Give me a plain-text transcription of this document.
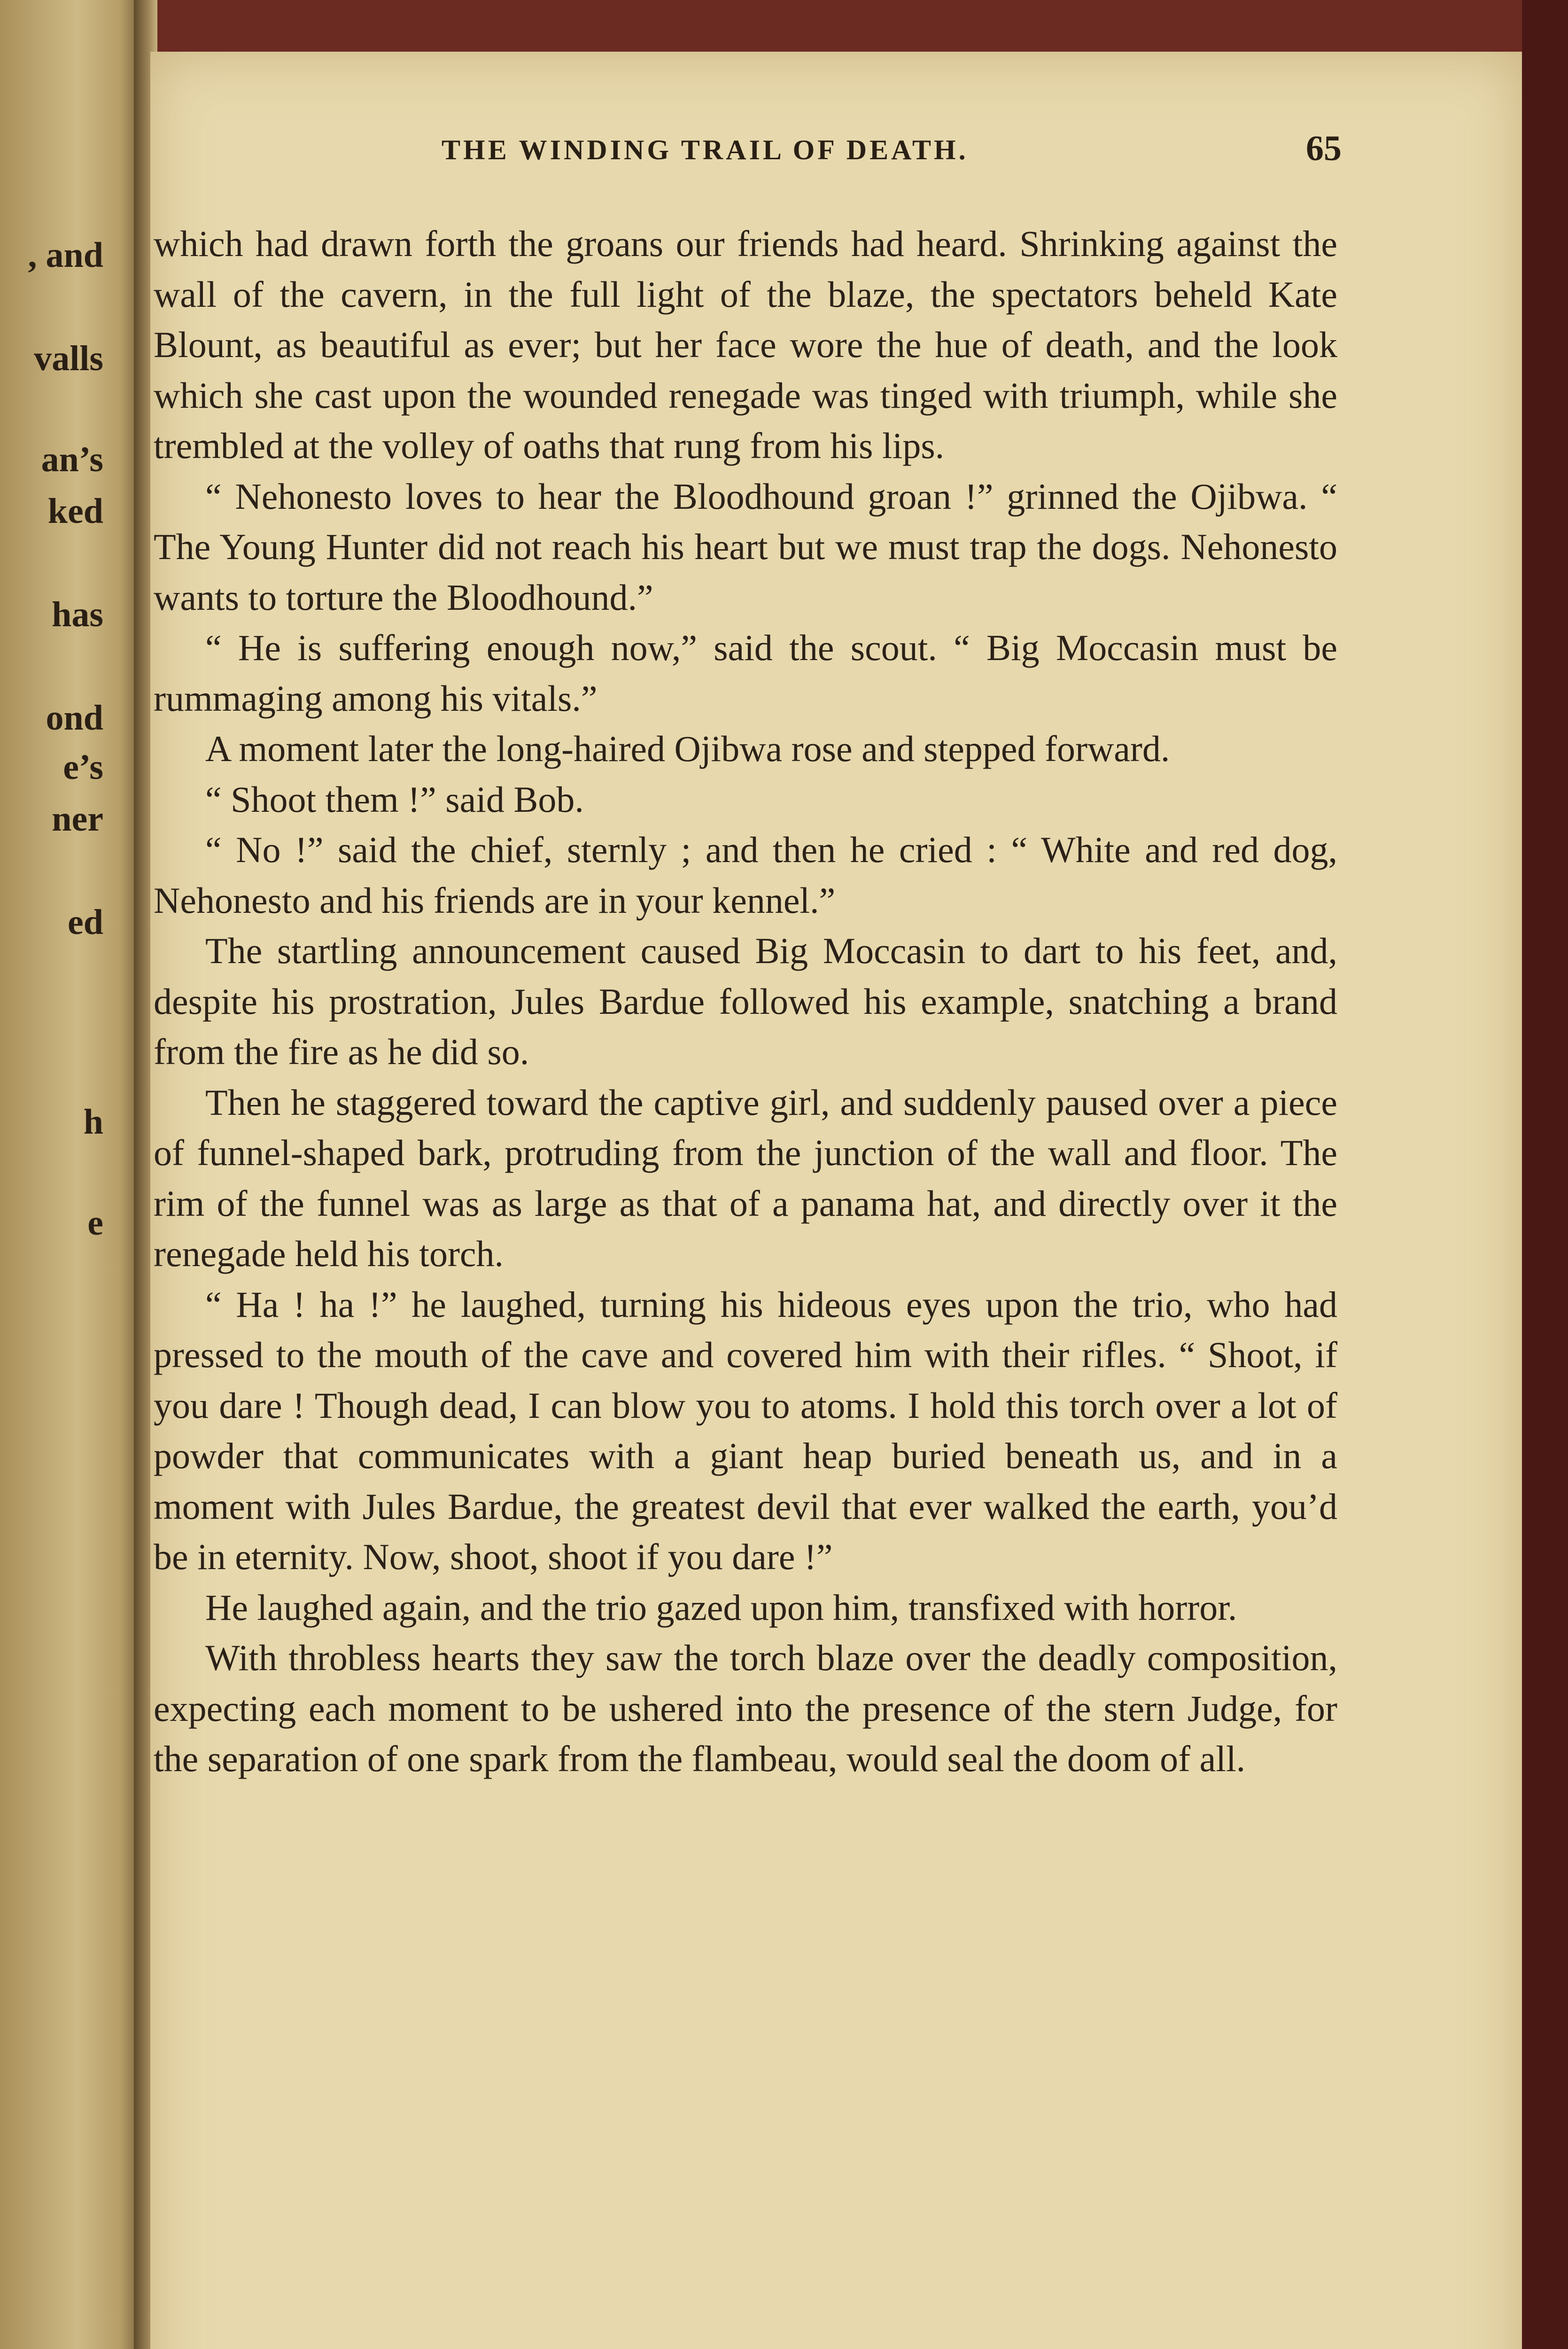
, and
valls
an’s
ked
has
ond
e’s
ner
ed
h
e
THE WINDING TRAIL OF DEATH.	65

which had drawn forth the groans our friends had heard. Shrinking against the wall of the cavern, in the full light of the blaze, the spectators beheld Kate Blount, as beautiful as ever; but her face wore the hue of death, and the look which she cast upon the wounded renegade was tinged with triumph, while she trembled at the volley of oaths that rung from his lips.

“ Nehonesto loves to hear the Bloodhound groan !” grinned the Ojibwa. “ The Young Hunter did not reach his heart but we must trap the dogs. Nehonesto wants to torture the Bloodhound.”

“ He is suffering enough now,” said the scout. “ Big Moccasin must be rummaging among his vitals.”

A moment later the long-haired Ojibwa rose and stepped forward.

“ Shoot them !” said Bob.

“ No !” said the chief, sternly ; and then he cried : “ White and red dog, Nehonesto and his friends are in your kennel.”

The startling announcement caused Big Moccasin to dart to his feet, and, despite his prostration, Jules Bardue followed his example, snatching a brand from the fire as he did so.

Then he staggered toward the captive girl, and suddenly paused over a piece of funnel-shaped bark, protruding from the junction of the wall and floor. The rim of the funnel was as large as that of a panama hat, and directly over it the renegade held his torch.

“ Ha ! ha !” he laughed, turning his hideous eyes upon the trio, who had pressed to the mouth of the cave and covered him with their rifles. “ Shoot, if you dare ! Though dead, I can blow you to atoms. I hold this torch over a lot of powder that communicates with a giant heap buried beneath us, and in a moment with Jules Bardue, the greatest devil that ever walked the earth, you’d be in eternity. Now, shoot, shoot if you dare !”

He laughed again, and the trio gazed upon him, transfixed with horror.

With throbless hearts they saw the torch blaze over the deadly composition, expecting each moment to be ushered into the presence of the stern Judge, for the separation of one spark from the flambeau, would seal the doom of all.
